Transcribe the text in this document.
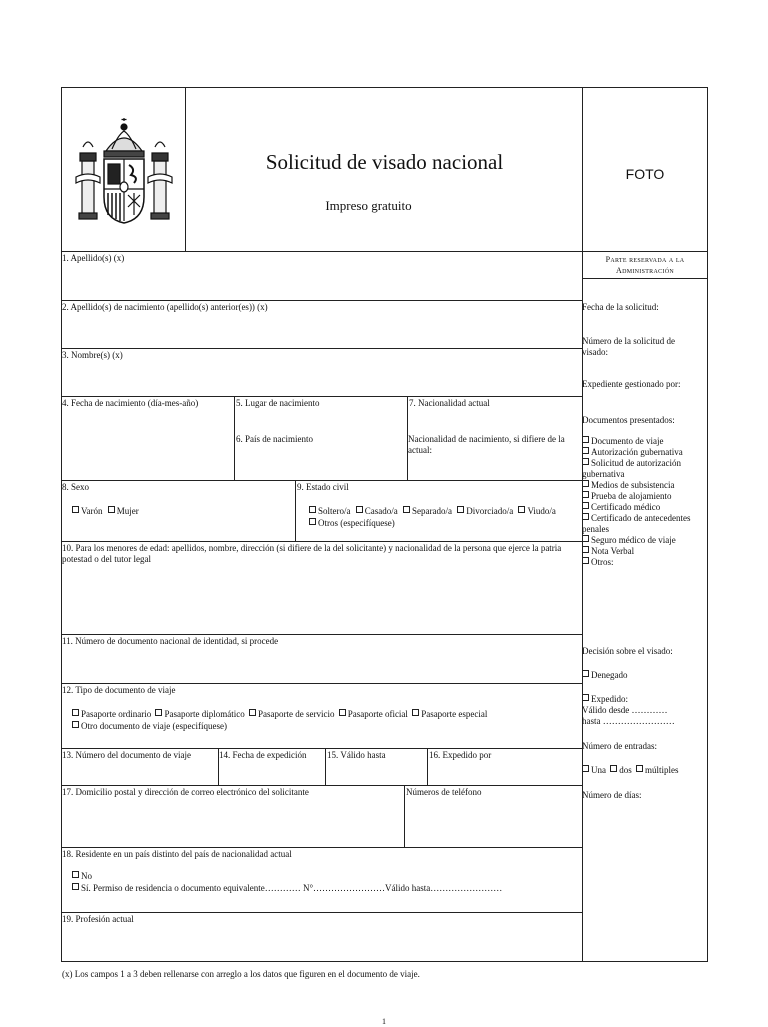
Solicitud de visado nacional
Impreso gratuito
FOTO
1. Apellido(s) (x)
2. Apellido(s) de nacimiento (apellido(s) anterior(es)) (x)
3. Nombre(s) (x)
4. Fecha de nacimiento (día-mes-año)	5. Lugar de nacimiento
6. País de nacimiento
7. Nacionalidad actual
Nacionalidad de nacimiento, si difiere de la actual:
8. Sexo
Varón Mujer
9. Estado civil
Soltero/a Casado/a Separado/a Divorciado/a Viudo/a
Otros (especifíquese)
10. Para los menores de edad: apellidos, nombre, dirección (si difiere de la del solicitante) y nacionalidad de la persona que ejerce la patria potestad o del tutor legal
11. Número de documento nacional de identidad, si procede
12. Tipo de documento de viaje
Pasaporte ordinario Pasaporte diplomático Pasaporte de servicio Pasaporte oficial Pasaporte especial
Otro documento de viaje (especifíquese)
13. Número del documento de viaje	14. Fecha de expedición 15. Válido hasta	16. Expedido por
17. Domicilio postal y dirección de correo electrónico del solicitante	Números de teléfono
18. Residente en un país distinto del país de nacionalidad actual
No
Sí. Permiso de residencia o documento equivalente………… N°……………………Válido hasta……………………
19. Profesión actual
Parte reservada a la
Administración
Fecha de la solicitud:
Número de la solicitud de visado:
Expediente gestionado por:
Documentos presentados:
Documento de viaje
Autorización gubernativa
Solicitud de autorización gubernativa
Medios de subsistencia
Prueba de alojamiento
Certificado médico
Certificado de antecedentes penales
Seguro médico de viaje
Nota Verbal
Otros:
Decisión sobre el visado:
Denegado
Expedido:
Válido desde …………
hasta ……………………
Número de entradas:
Una dos múltiples
Número de días:
(x) Los campos 1 a 3 deben rellenarse con arreglo a los datos que figuren en el documento de viaje.
1
